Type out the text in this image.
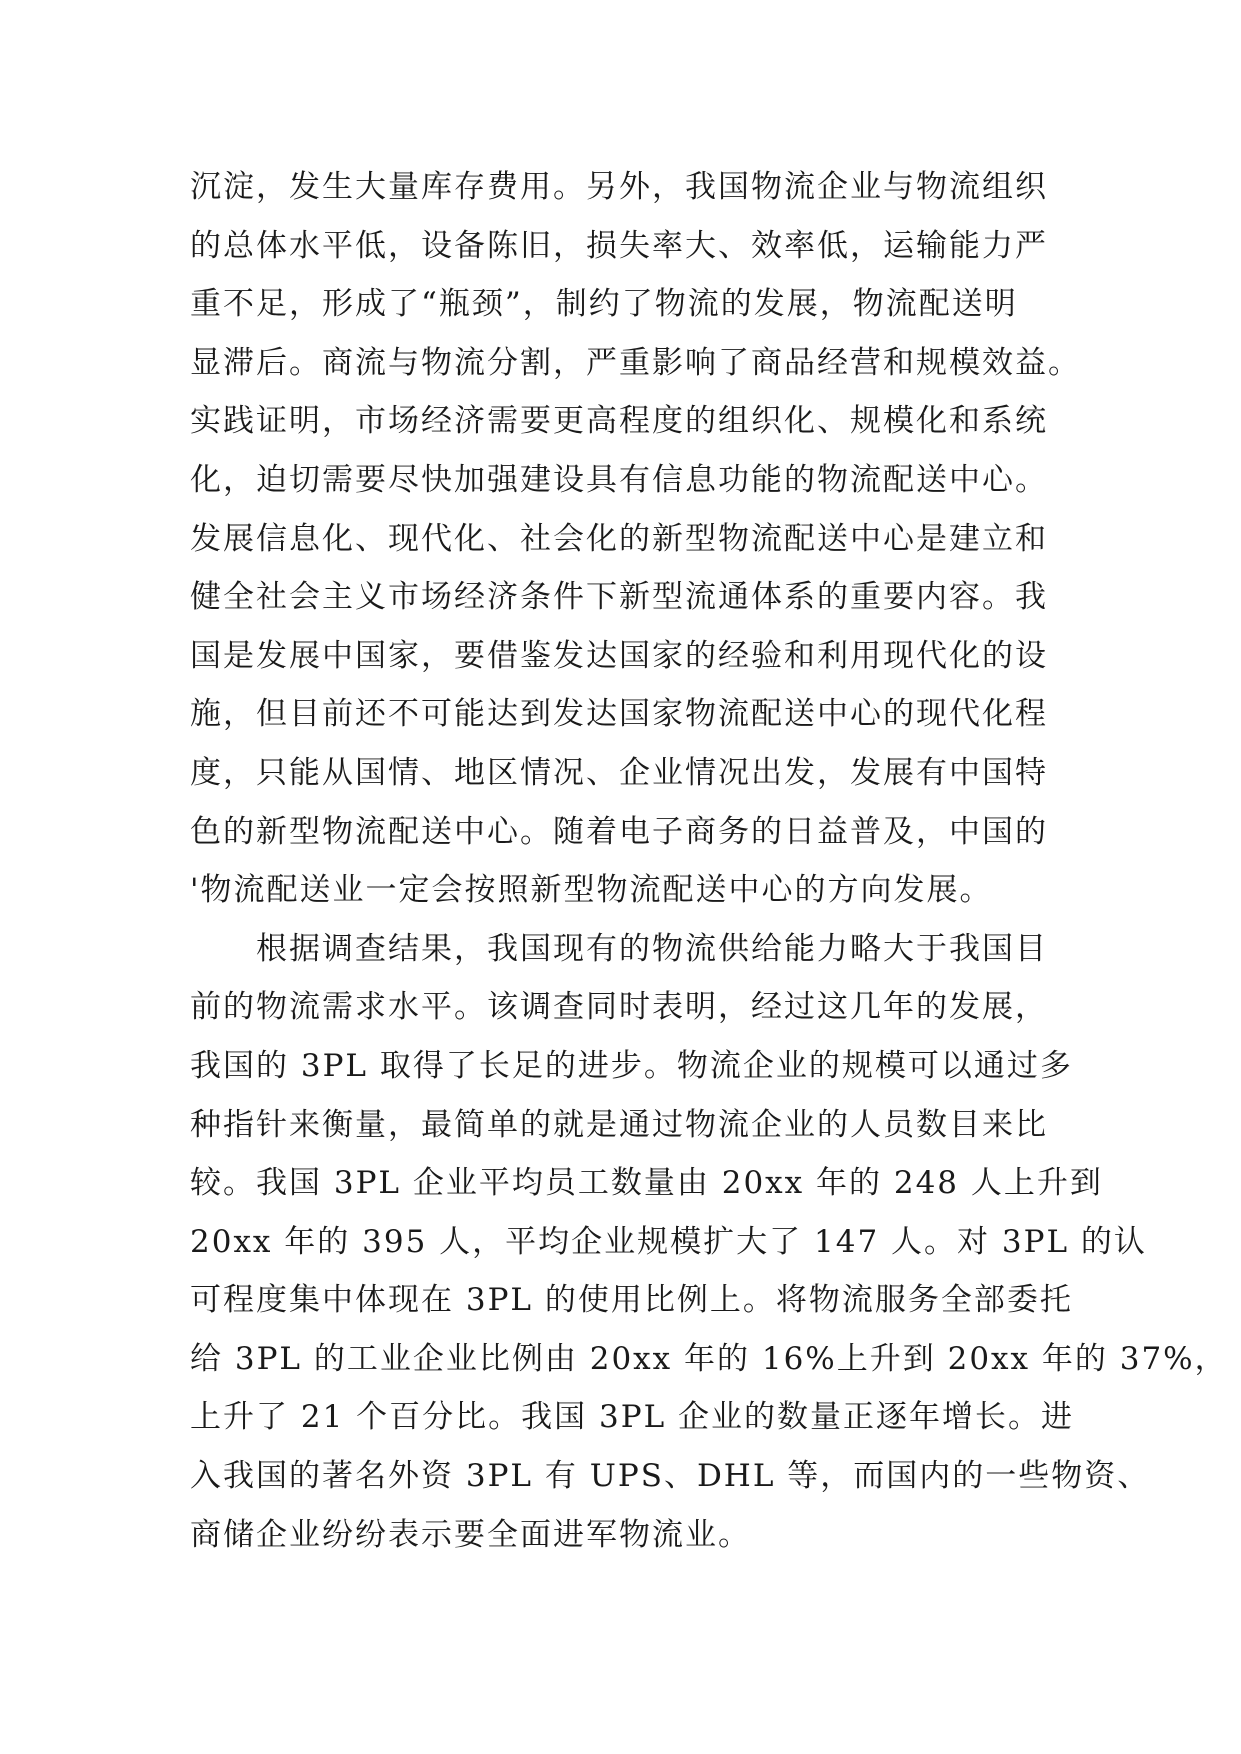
沉淀，发生大量库存费用。另外，我国物流企业与物流组织
的总体水平低，设备陈旧，损失率大、效率低，运输能力严
重不足，形成了“瓶颈”，制约了物流的发展，物流配送明
显滞后。商流与物流分割，严重影响了商品经营和规模效益。
实践证明，市场经济需要更高程度的组织化、规模化和系统
化，迫切需要尽快加强建设具有信息功能的物流配送中心。
发展信息化、现代化、社会化的新型物流配送中心是建立和
健全社会主义市场经济条件下新型流通体系的重要内容。我
国是发展中国家，要借鉴发达国家的经验和利用现代化的设
施，但目前还不可能达到发达国家物流配送中心的现代化程
度，只能从国情、地区情况、企业情况出发，发展有中国特
色的新型物流配送中心。随着电子商务的日益普及，中国的
'物流配送业一定会按照新型物流配送中心的方向发展。
　　根据调查结果，我国现有的物流供给能力略大于我国目
前的物流需求水平。该调查同时表明，经过这几年的发展，
我国的 3PL 取得了长足的进步。物流企业的规模可以通过多
种指针来衡量，最简单的就是通过物流企业的人员数目来比
较。我国 3PL 企业平均员工数量由 20xx 年的 248 人上升到
20xx 年的 395 人，平均企业规模扩大了 147 人。对 3PL 的认
可程度集中体现在 3PL 的使用比例上。将物流服务全部委托
给 3PL 的工业企业比例由 20xx 年的 16%上升到 20xx 年的 37%，
上升了 21 个百分比。我国 3PL 企业的数量正逐年增长。进
入我国的著名外资 3PL 有 UPS、DHL 等，而国内的一些物资、
商储企业纷纷表示要全面进军物流业。
